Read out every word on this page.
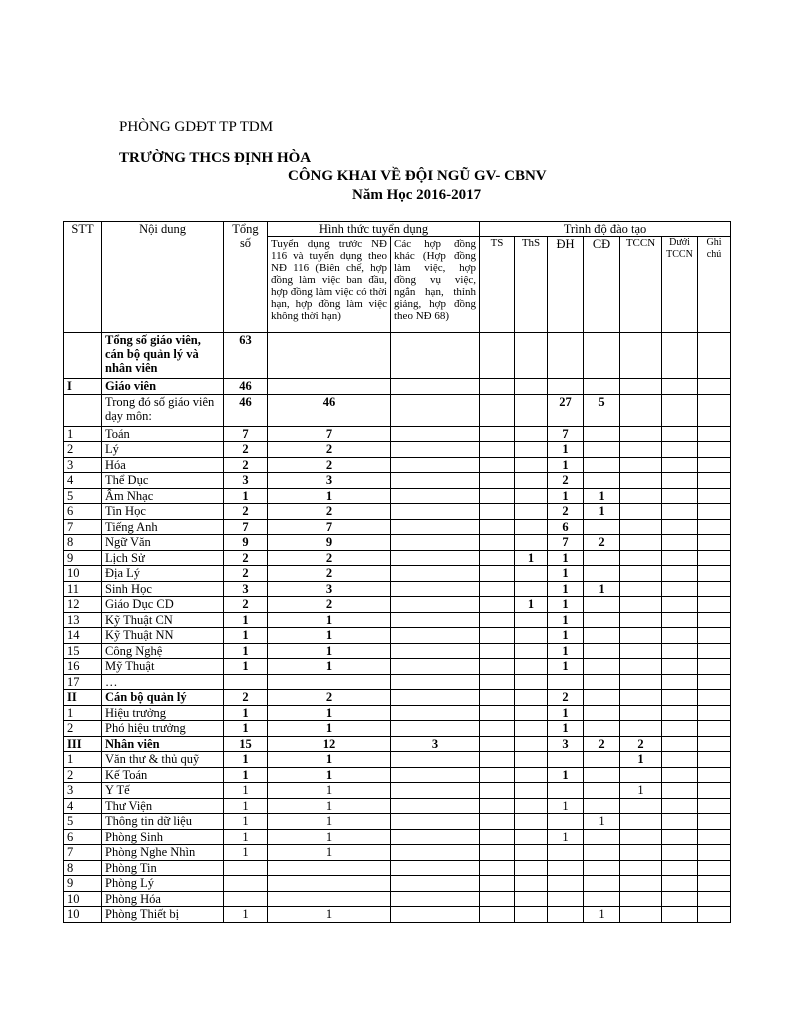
PHÒNG GDĐT TP TDM
TRƯỜNG THCS ĐỊNH HÒA
CÔNG KHAI VỀ ĐỘI NGŨ GV- CBNV
Năm Học 2016-2017
STT	Nội dung	Tổng số	Hình thức tuyển dụng		Trình độ đào tạo						
			Tuyển dụng trước NĐ 116 và tuyển dụng theo NĐ 116 (Biên chế, hợp đồng làm việc ban đầu, hợp đồng làm việc có thời hạn, hợp đồng làm việc không thời hạn)	Các hợp đồng khác (Hợp đồng làm việc, hợp đồng vụ việc, ngắn hạn, thỉnh giảng, hợp đồng theo NĐ 68)	TS	ThS	ĐH	CĐ	TCCN	Dưới TCCN	Ghi chú
	Tổng số giáo viên, cán bộ quản lý và nhân viên	63									
I	Giáo viên	46									
	Trong đó số giáo viên dạy môn:	46	46				27	5			
1	Toán	7	7				7				
2	Lý	2	2				1				
3	Hóa	2	2				1				
4	Thể Dục	3	3				2				
5	Âm Nhạc	1	1				1	1			
6	Tin Học	2	2				2	1			
7	Tiếng Anh	7	7				6				
8	Ngữ Văn	9	9				7	2			
9	Lịch Sử	2	2			1	1				
10	Địa Lý	2	2				1				
11	Sinh Học	3	3				1	1			
12	Giáo Dục CD	2	2			1	1				
13	Kỹ Thuật CN	1	1				1				
14	Kỹ Thuật NN	1	1				1				
15	Công Nghệ	1	1				1				
16	Mỹ Thuật	1	1				1				
17	…										
II	Cán bộ quản lý	2	2				2				
1	Hiệu trưởng	1	1				1				
2	Phó hiệu trưởng	1	1				1				
III	Nhân viên	15	12	3			3	2	2		
1	Văn thư & thủ quỹ	1	1						1		
2	Kế Toán	1	1				1				
3	Y Tế	1	1						1		
4	Thư Viện	1	1				1				
5	Thông tin dữ liệu	1	1					1			
6	Phòng Sinh	1	1				1				
7	Phòng Nghe Nhìn	1	1								
8	Phòng Tin										
9	Phòng Lý										
10	Phòng Hóa										
10	Phòng Thiết bị	1	1					1			
